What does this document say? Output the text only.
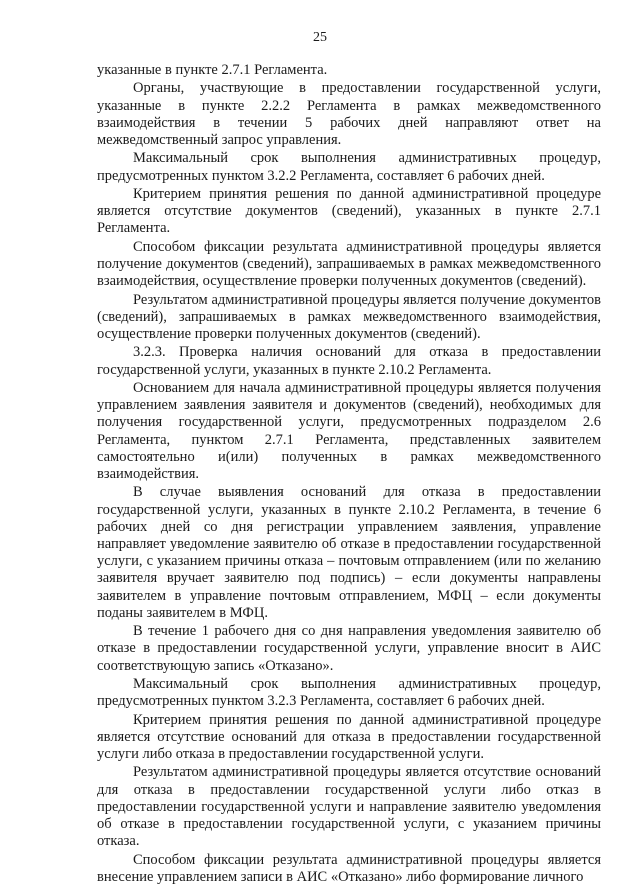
25

указанные в пункте 2.7.1 Регламента.

Органы, участвующие в предоставлении государственной услуги, указанные в пункте 2.2.2 Регламента в рамках межведомственного взаимодействия в течении 5 рабочих дней направляют ответ на межведомственный запрос управления.

Максимальный срок выполнения административных процедур, предусмотренных пунктом 3.2.2 Регламента, составляет 6 рабочих дней.

Критерием принятия решения по данной административной процедуре является отсутствие документов (сведений), указанных в пункте 2.7.1 Регламента.

Способом фиксации результата административной процедуры является получение документов (сведений), запрашиваемых в рамках межведомственного взаимодействия, осуществление проверки полученных документов (сведений).

Результатом административной процедуры является получение документов (сведений), запрашиваемых в рамках межведомственного взаимодействия, осуществление проверки полученных документов (сведений).

3.2.3. Проверка наличия оснований для отказа в предоставлении государственной услуги, указанных в пункте 2.10.2 Регламента.

Основанием для начала административной процедуры является получения управлением заявления заявителя и документов (сведений), необходимых для получения государственной услуги, предусмотренных подразделом 2.6 Регламента, пунктом 2.7.1 Регламента, представленных заявителем самостоятельно и(или) полученных в рамках межведомственного взаимодействия.

В случае выявления оснований для отказа в предоставлении государственной услуги, указанных в пункте 2.10.2 Регламента, в течение 6 рабочих дней со дня регистрации управлением заявления, управление направляет уведомление заявителю об отказе в предоставлении государственной услуги, с указанием причины отказа – почтовым отправлением (или по желанию заявителя вручает заявителю под подпись) – если документы направлены заявителем в управление почтовым отправлением, МФЦ – если документы поданы заявителем в МФЦ.

В течение 1 рабочего дня со дня направления уведомления заявителю об отказе в предоставлении государственной услуги, управление вносит в АИС соответствующую запись «Отказано».

Максимальный срок выполнения административных процедур, предусмотренных пунктом 3.2.3 Регламента, составляет 6 рабочих дней.

Критерием принятия решения по данной административной процедуре является отсутствие оснований для отказа в предоставлении государственной услуги либо отказа в предоставлении государственной услуги.

Результатом административной процедуры является отсутствие оснований для отказа в предоставлении государственной услуги либо отказ в предоставлении государственной услуги и направление заявителю уведомления об отказе в предоставлении государственной услуги, с указанием причины отказа.

Способом фиксации результата административной процедуры является внесение управлением записи в АИС «Отказано» либо формирование личного
